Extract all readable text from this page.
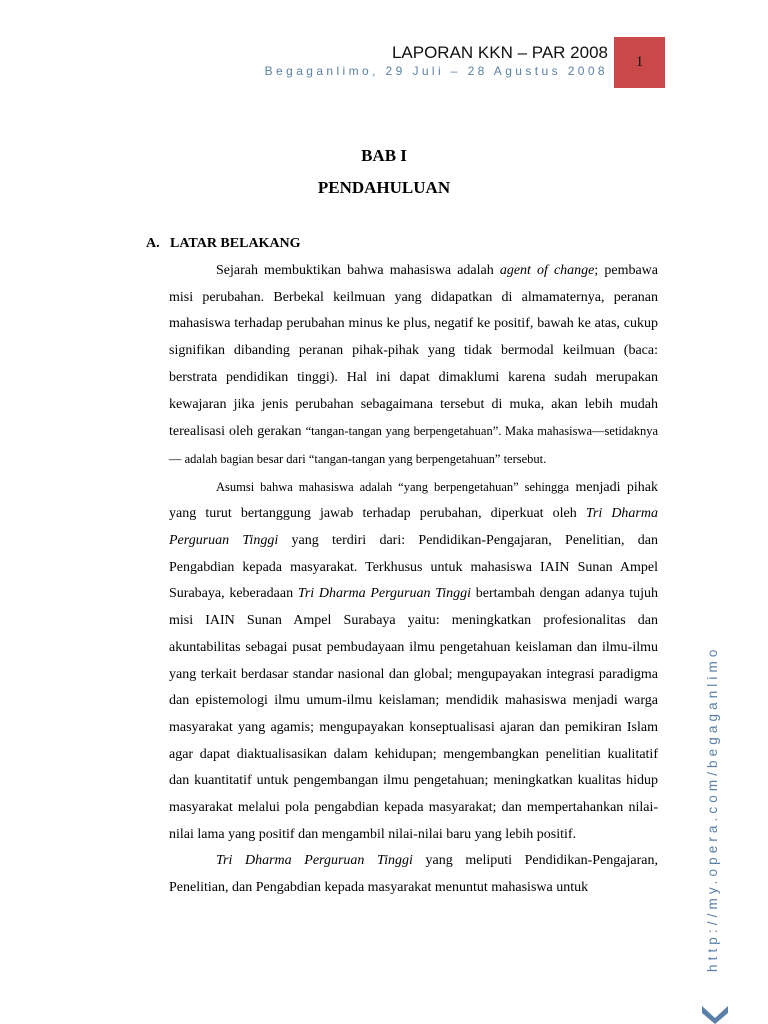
LAPORAN KKN – PAR 2008
Begaganlimo, 29 Juli – 28 Agustus 2008
1
BAB I
PENDAHULUAN
A. LATAR BELAKANG

Sejarah membuktikan bahwa mahasiswa adalah agent of change; pembawa misi perubahan. Berbekal keilmuan yang didapatkan di almamaternya, peranan mahasiswa terhadap perubahan minus ke plus, negatif ke positif, bawah ke atas, cukup signifikan dibanding peranan pihak-pihak yang tidak bermodal keilmuan (baca: berstrata pendidikan tinggi). Hal ini dapat dimaklumi karena sudah merupakan kewajaran jika jenis perubahan sebagaimana tersebut di muka, akan lebih mudah terealisasi oleh gerakan “tangan-tangan yang berpengetahuan”. Maka mahasiswa—setidaknya— adalah bagian besar dari “tangan-tangan yang berpengetahuan” tersebut.

Asumsi bahwa mahasiswa adalah “yang berpengetahuan” sehingga menjadi pihak yang turut bertanggung jawab terhadap perubahan, diperkuat oleh Tri Dharma Perguruan Tinggi yang terdiri dari: Pendidikan-Pengajaran, Penelitian, dan Pengabdian kepada masyarakat. Terkhusus untuk mahasiswa IAIN Sunan Ampel Surabaya, keberadaan Tri Dharma Perguruan Tinggi bertambah dengan adanya tujuh misi IAIN Sunan Ampel Surabaya yaitu: meningkatkan profesionalitas dan akuntabilitas sebagai pusat pembudayaan ilmu pengetahuan keislaman dan ilmu-ilmu yang terkait berdasar standar nasional dan global; mengupayakan integrasi paradigma dan epistemologi ilmu umum-ilmu keislaman; mendidik mahasiswa menjadi warga masyarakat yang agamis; mengupayakan konseptualisasi ajaran dan pemikiran Islam agar dapat diaktualisasikan dalam kehidupan; mengembangkan penelitian kualitatif dan kuantitatif untuk pengembangan ilmu pengetahuan; meningkatkan kualitas hidup masyarakat melalui pola pengabdian kepada masyarakat; dan mempertahankan nilai-nilai lama yang positif dan mengambil nilai-nilai baru yang lebih positif.

Tri Dharma Perguruan Tinggi yang meliputi Pendidikan-Pengajaran, Penelitian, dan Pengabdian kepada masyarakat menuntut mahasiswa untuk	http://my.opera.com/begaganlimo
